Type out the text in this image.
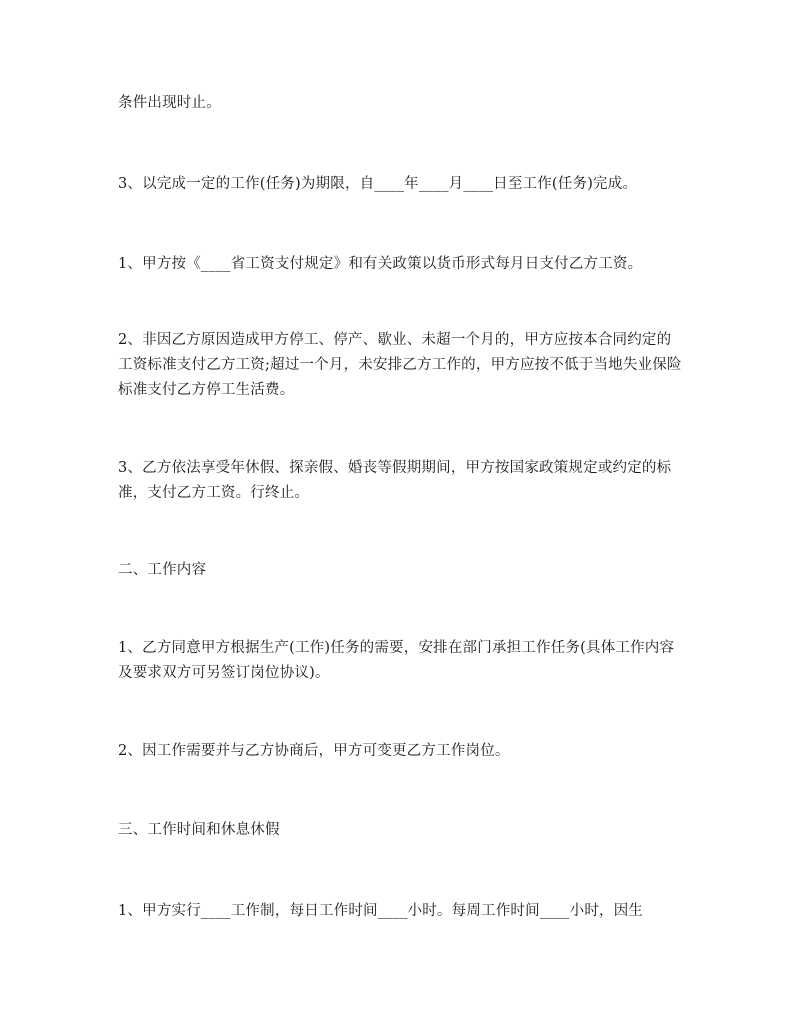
条件出现时止。

3、以完成一定的工作(任务)为期限，自____年____月____日至工作(任务)完成。

1、甲方按《____省工资支付规定》和有关政策以货币形式每月日支付乙方工资。

2、非因乙方原因造成甲方停工、停产、歇业、未超一个月的，甲方应按本合同约定的工资标准支付乙方工资;超过一个月，未安排乙方工作的，甲方应按不低于当地失业保险标准支付乙方停工生活费。

3、乙方依法享受年休假、探亲假、婚丧等假期期间，甲方按国家政策规定或约定的标准，支付乙方工资。行终止。

二、工作内容

1、乙方同意甲方根据生产(工作)任务的需要，安排在部门承担工作任务(具体工作内容及要求双方可另签订岗位协议)。

2、因工作需要并与乙方协商后，甲方可变更乙方工作岗位。

三、工作时间和休息休假

1、甲方实行____工作制，每日工作时间____小时。每周工作时间____小时，因生
